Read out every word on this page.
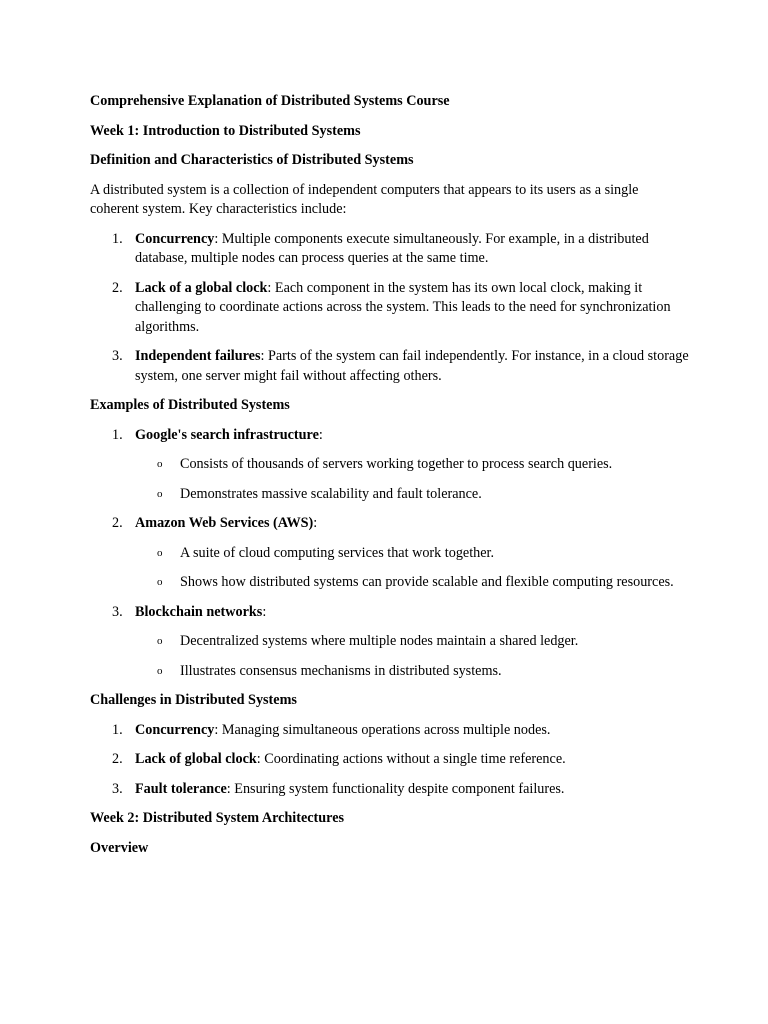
Comprehensive Explanation of Distributed Systems Course

Week 1: Introduction to Distributed Systems

Definition and Characteristics of Distributed Systems

A distributed system is a collection of independent computers that appears to its users as a single coherent system. Key characteristics include:

1. Concurrency: Multiple components execute simultaneously. For example, in a distributed database, multiple nodes can process queries at the same time.
2. Lack of a global clock: Each component in the system has its own local clock, making it challenging to coordinate actions across the system. This leads to the need for synchronization algorithms.
3. Independent failures: Parts of the system can fail independently. For instance, in a cloud storage system, one server might fail without affecting others.

Examples of Distributed Systems

1. Google's search infrastructure:
o Consists of thousands of servers working together to process search queries.
o Demonstrates massive scalability and fault tolerance.
2. Amazon Web Services (AWS):
o A suite of cloud computing services that work together.
o Shows how distributed systems can provide scalable and flexible computing resources.
3. Blockchain networks:
o Decentralized systems where multiple nodes maintain a shared ledger.
o Illustrates consensus mechanisms in distributed systems.

Challenges in Distributed Systems

1. Concurrency: Managing simultaneous operations across multiple nodes.
2. Lack of global clock: Coordinating actions without a single time reference.
3. Fault tolerance: Ensuring system functionality despite component failures.

Week 2: Distributed System Architectures

Overview
